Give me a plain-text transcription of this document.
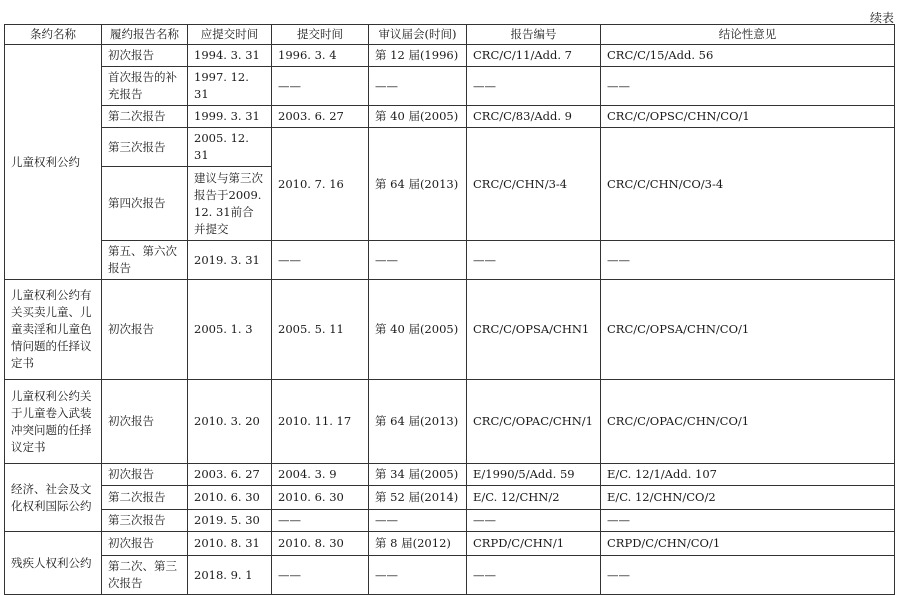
续表
条约名称	履约报告名称	应提交时间	提交时间	审议届会(时间)	报告编号	结论性意见
儿童权利公约	初次报告	1994. 3. 31	1996. 3. 4	第 12 届(1996)	CRC/C/11/Add. 7	CRC/C/15/Add. 56
	首次报告的补充报告	1997. 12. 31	——	——	——	——
	第二次报告	1999. 3. 31	2003. 6. 27	第 40 届(2005)	CRC/C/83/Add. 9	CRC/C/OPSC/CHN/CO/1
	第三次报告	2005. 12. 31	2010. 7. 16	第 64 届(2013)	CRC/C/CHN/3-4	CRC/C/CHN/CO/3-4
	第四次报告	建议与第三次报告于2009. 12. 31前合并提交				
	第五、第六次报告	2019. 3. 31	——	——	——	——
儿童权利公约有关买卖儿童、儿童卖淫和儿童色情问题的任择议定书	初次报告	2005. 1. 3	2005. 5. 11	第 40 届(2005)	CRC/C/OPSA/CHN1	CRC/C/OPSA/CHN/CO/1
儿童权利公约关于儿童卷入武装冲突问题的任择议定书	初次报告	2010. 3. 20	2010. 11. 17	第 64 届(2013)	CRC/C/OPAC/CHN/1	CRC/C/OPAC/CHN/CO/1
经济、社会及文化权利国际公约	初次报告	2003. 6. 27	2004. 3. 9	第 34 届(2005)	E/1990/5/Add. 59	E/C. 12/1/Add. 107
	第二次报告	2010. 6. 30	2010. 6. 30	第 52 届(2014)	E/C. 12/CHN/2	E/C. 12/CHN/CO/2
	第三次报告	2019. 5. 30	——	——	——	——
残疾人权利公约	初次报告	2010. 8. 31	2010. 8. 30	第 8 届(2012)	CRPD/C/CHN/1	CRPD/C/CHN/CO/1
	第二次、第三次报告	2018. 9. 1	——	——	——	——
